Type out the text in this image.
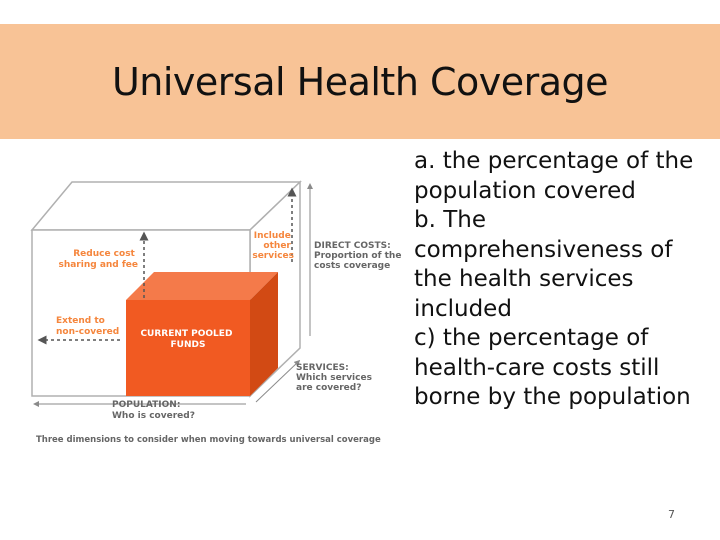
Universal Health Coverage
Reduce cost sharing and fee
Include other services
DIRECT COSTS: Proportion of the costs coverage
Extend to non-covered CURRENT POOLED FUNDS
SERVICES: Which services are covered?
POPULATION: Who is covered?
Three dimensions to consider when moving towards universal coverage

a. the percentage of the population covered

b. The comprehensiveness of the health services included

c) the percentage of health-care costs still borne by the population

7
